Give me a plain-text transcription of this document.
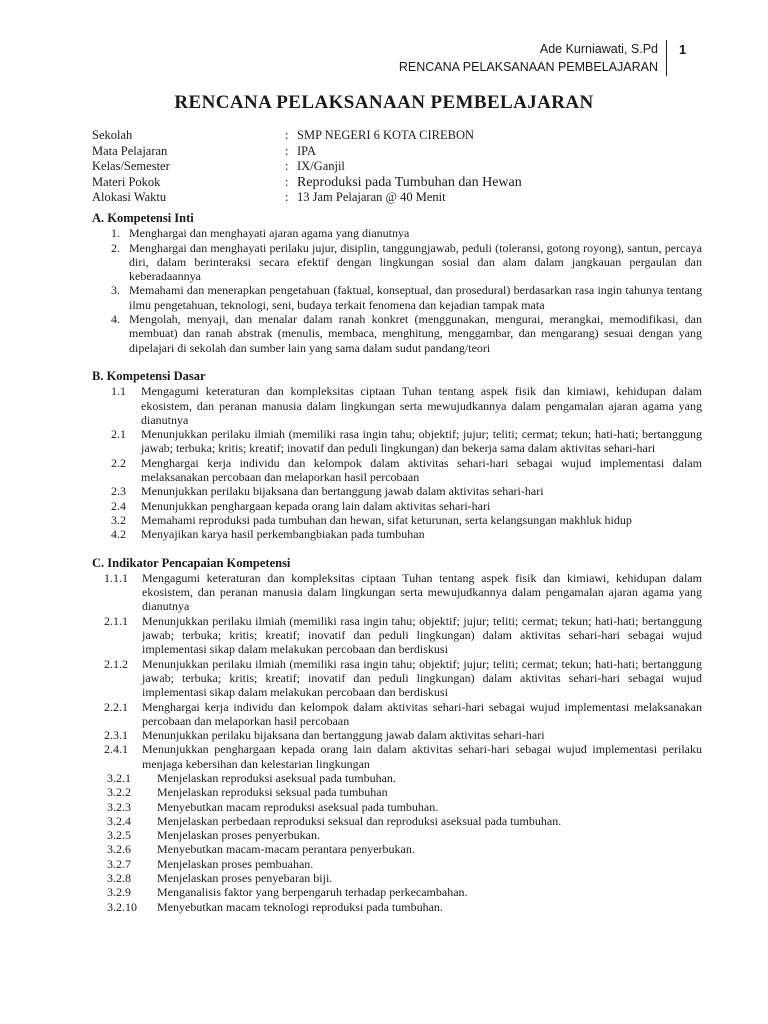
Ade Kurniawati, S.Pd
RENCANA PELAKSANAAN PEMBELAJARAN
1
RENCANA PELAKSANAAN PEMBELAJARAN
Sekolah	: SMP NEGERI 6 KOTA CIREBON
Mata Pelajaran	: IPA
Kelas/Semester	: IX/Ganjil
Materi Pokok	: Reproduksi pada Tumbuhan dan Hewan
Alokasi Waktu	: 13 Jam Pelajaran @ 40 Menit
A. Kompetensi Inti
1. Menghargai dan menghayati ajaran agama yang dianutnya
2. Menghargai dan menghayati perilaku jujur, disiplin, tanggungjawab, peduli (toleransi, gotong royong), santun, percaya diri, dalam berinteraksi secara efektif dengan lingkungan sosial dan alam dalam jangkauan pergaulan dan keberadaannya
3. Memahami dan menerapkan pengetahuan (faktual, konseptual, dan prosedural) berdasarkan rasa ingin tahunya tentang ilmu pengetahuan, teknologi, seni, budaya terkait fenomena dan kejadian tampak mata
4. Mengolah, menyaji, dan menalar dalam ranah konkret (menggunakan, mengurai, merangkai, memodifikasi, dan membuat) dan ranah abstrak (menulis, membaca, menghitung, menggambar, dan mengarang) sesuai dengan yang dipelajari di sekolah dan sumber lain yang sama dalam sudut pandang/teori
B. Kompetensi Dasar
1.1	Mengagumi keteraturan dan kompleksitas ciptaan Tuhan tentang aspek fisik dan kimiawi, kehidupan dalam ekosistem, dan peranan manusia dalam lingkungan serta mewujudkannya dalam pengamalan ajaran agama yang dianutnya
2.1	Menunjukkan perilaku ilmiah (memiliki rasa ingin tahu; objektif; jujur; teliti; cermat; tekun; hati-hati; bertanggung jawab; terbuka; kritis; kreatif; inovatif dan peduli lingkungan) dan bekerja sama dalam aktivitas sehari-hari
2.2	Menghargai kerja individu dan kelompok dalam aktivitas sehari-hari sebagai wujud implementasi dalam melaksanakan percobaan dan melaporkan hasil percobaan
2.3	Menunjukkan perilaku bijaksana dan bertanggung jawab dalam aktivitas sehari-hari
2.4	Menunjukkan penghargaan kepada orang lain dalam aktivitas sehari-hari
3.2	Memahami reproduksi pada tumbuhan dan hewan, sifat keturunan, serta kelangsungan makhluk hidup
4.2	Menyajikan karya hasil perkembangbiakan pada tumbuhan
C. Indikator Pencapaian Kompetensi
1.1.1	Mengagumi keteraturan dan kompleksitas ciptaan Tuhan tentang aspek fisik dan kimiawi, kehidupan dalam ekosistem, dan peranan manusia dalam lingkungan serta mewujudkannya dalam pengamalan ajaran agama yang dianutnya
2.1.1	Menunjukkan perilaku ilmiah (memiliki rasa ingin tahu; objektif; jujur; teliti; cermat; tekun; hati-hati; bertanggung jawab; terbuka; kritis; kreatif; inovatif dan peduli lingkungan) dalam aktivitas sehari-hari sebagai wujud implementasi sikap dalam melakukan percobaan dan berdiskusi
2.1.2	Menunjukkan perilaku ilmiah (memiliki rasa ingin tahu; objektif; jujur; teliti; cermat; tekun; hati-hati; bertanggung jawab; terbuka; kritis; kreatif; inovatif dan peduli lingkungan) dalam aktivitas sehari-hari sebagai wujud implementasi sikap dalam melakukan percobaan dan berdiskusi
2.2.1	Menghargai kerja individu dan kelompok dalam aktivitas sehari-hari sebagai wujud implementasi melaksanakan percobaan dan melaporkan hasil percobaan
2.3.1	Menunjukkan perilaku bijaksana dan bertanggung jawab dalam aktivitas sehari-hari
2.4.1	Menunjukkan penghargaan kepada orang lain dalam aktivitas sehari-hari sebagai wujud implementasi perilaku menjaga kebersihan dan kelestarian lingkungan
3.2.1	Menjelaskan reproduksi aseksual pada tumbuhan.
3.2.2	Menjelaskan reproduksi seksual pada tumbuhan
3.2.3	Menyebutkan macam reproduksi aseksual pada tumbuhan.
3.2.4	Menjelaskan perbedaan reproduksi seksual dan reproduksi aseksual pada tumbuhan.
3.2.5	Menjelaskan proses penyerbukan.
3.2.6	Menyebutkan macam-macam perantara penyerbukan.
3.2.7	Menjelaskan proses pembuahan.
3.2.8	Menjelaskan proses penyebaran biji.
3.2.9	Menganalisis faktor yang berpengaruh terhadap perkecambahan.
3.2.10	Menyebutkan macam teknologi reproduksi pada tumbuhan.
